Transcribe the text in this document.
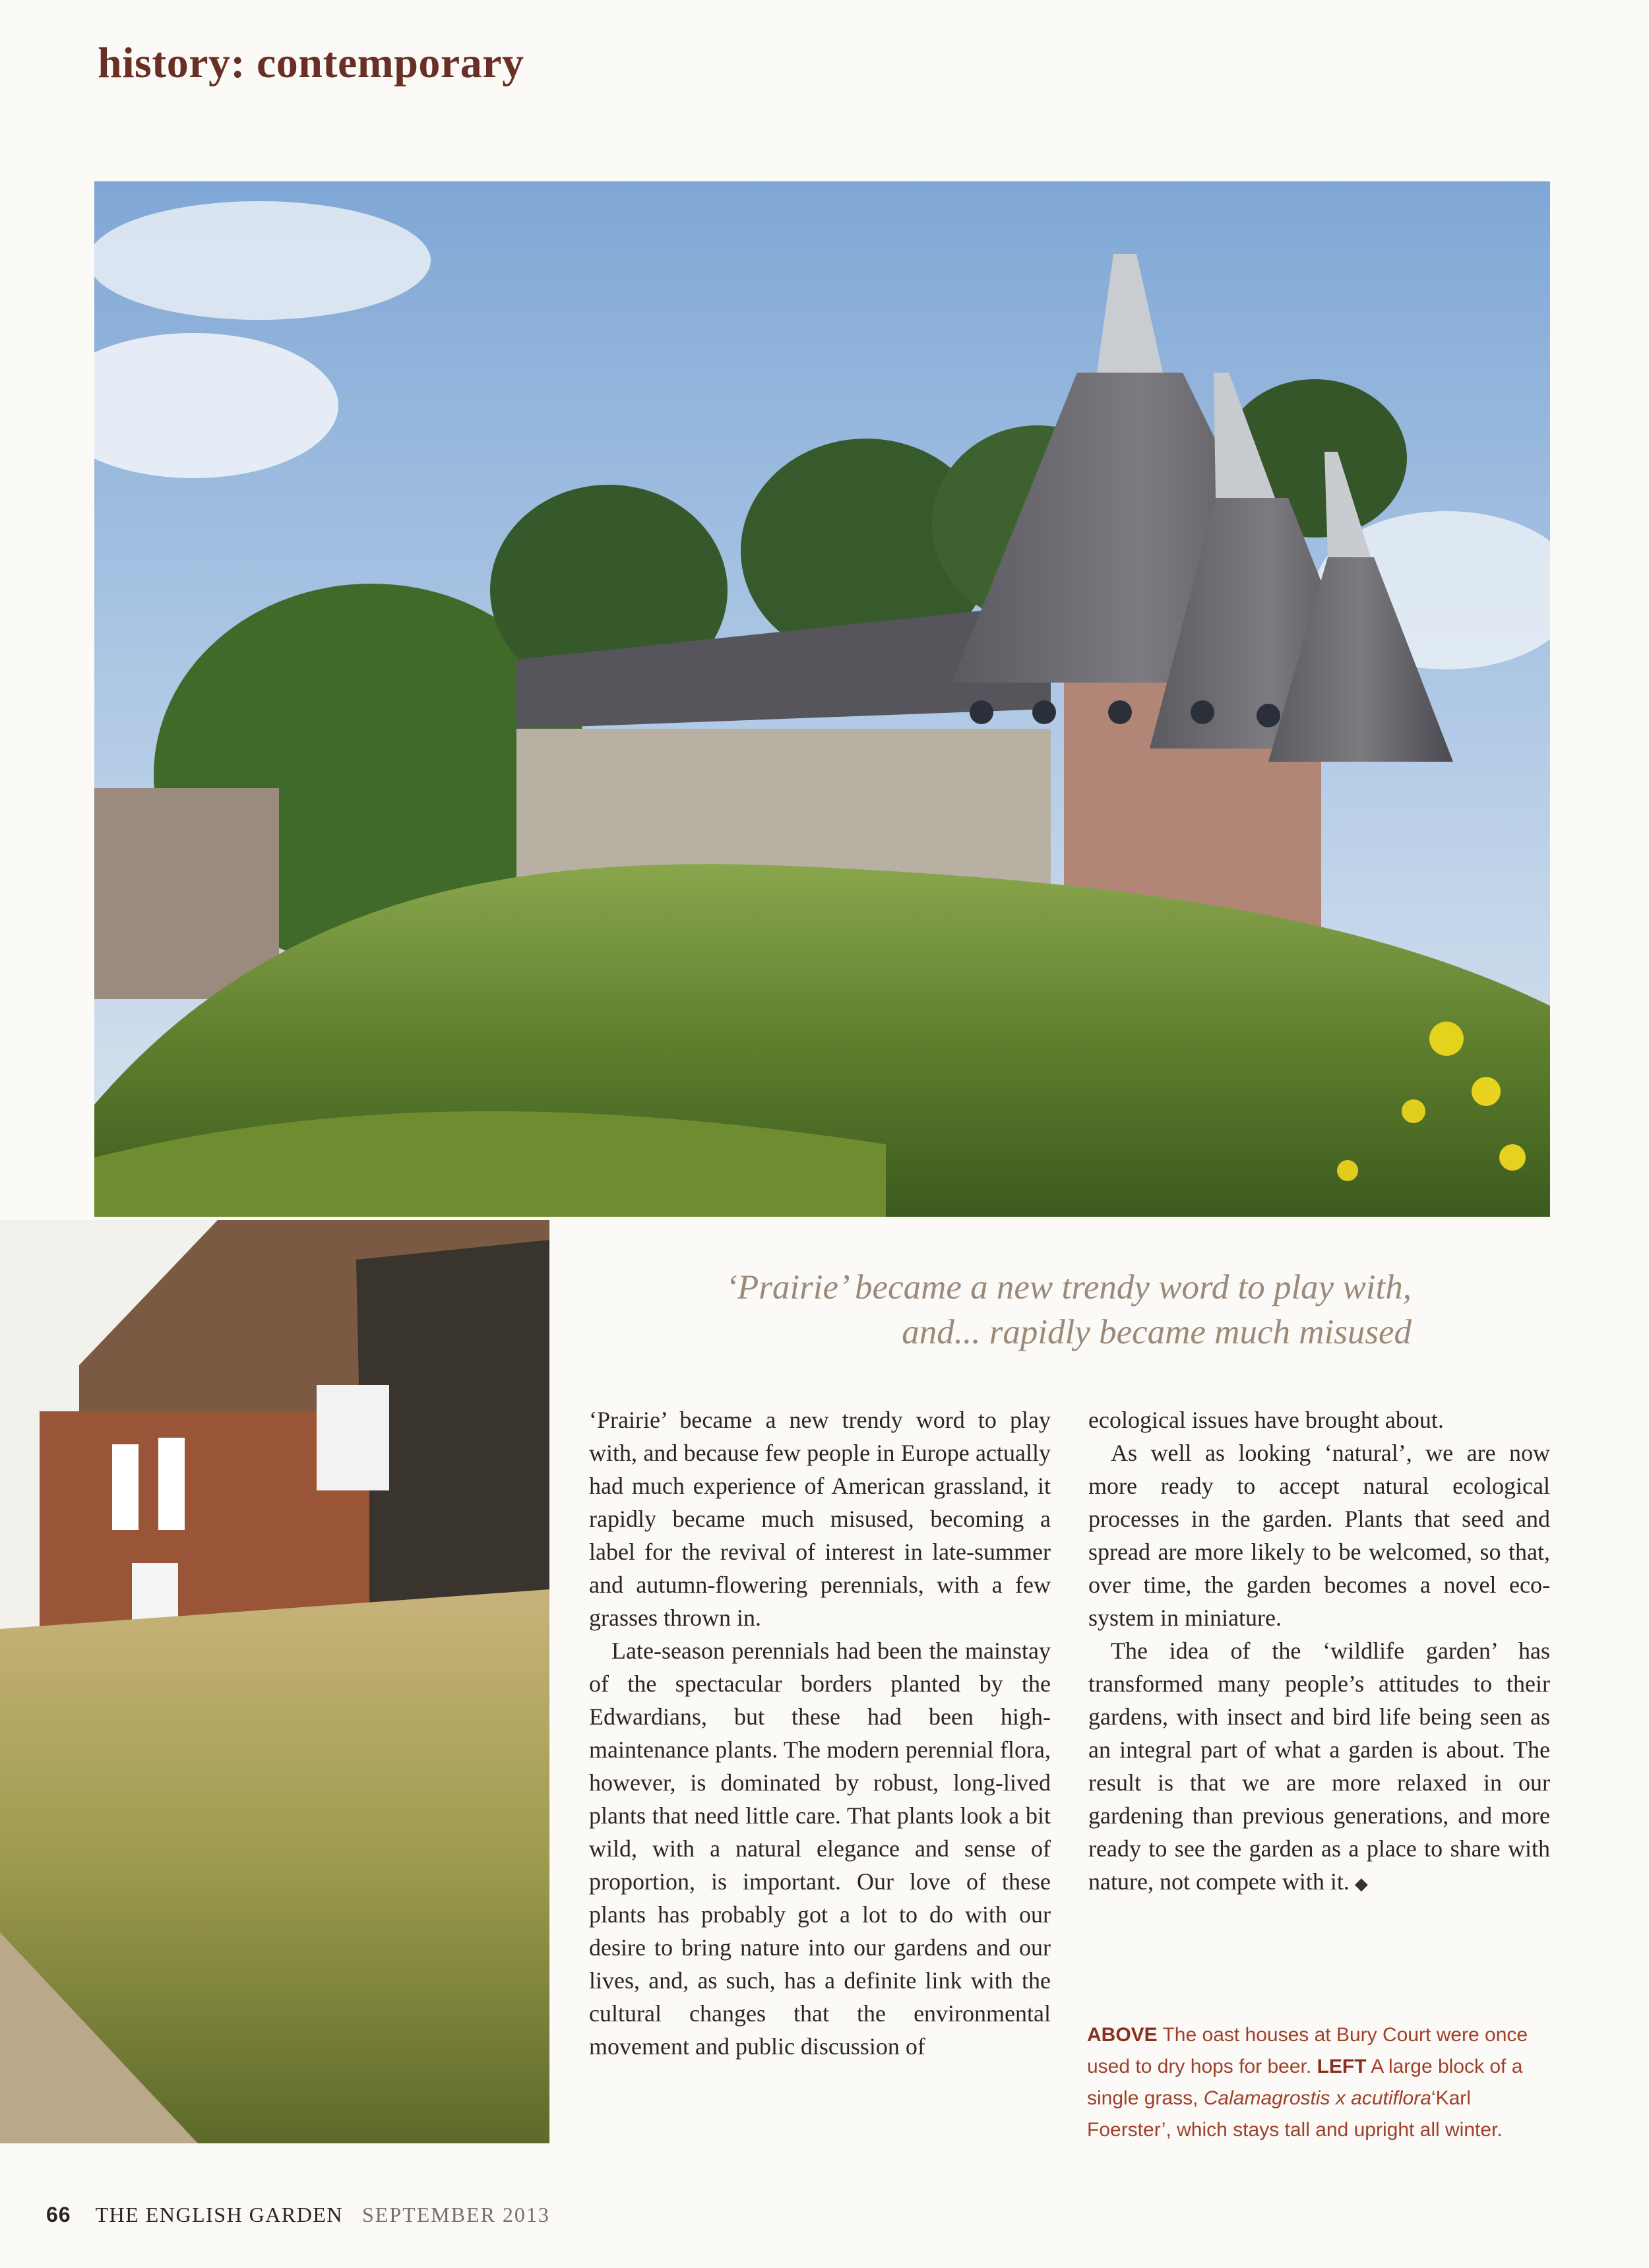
history: contemporary

‘Prairie’ became a new trendy word to play with,
and... rapidly became much misused

‘Prairie’ became a new trendy word to play with, and because few people in Europe actually had much experience of American grassland, it rapidly became much misused, becoming a label for the revival of interest in late-summer and autumn-flowering perennials, with a few grasses thrown in.

Late-season perennials had been the mainstay of the spectacular borders planted by the Edwardians, but these had been high-maintenance plants. The modern perennial flora, however, is dominated by robust, long-lived plants that need little care. That plants look a bit wild, with a natural elegance and sense of proportion, is important. Our love of these plants has probably got a lot to do with our desire to bring nature into our gardens and our lives, and, as such, has a definite link with the cultural changes that the environmental movement and public discussion of

ecological issues have brought about.

As well as looking ‘natural’, we are now more ready to accept natural ecological processes in the garden. Plants that seed and spread are more likely to be welcomed, so that, over time, the garden becomes a novel eco-system in miniature.

The idea of the ‘wildlife garden’ has transformed many people’s attitudes to their gardens, with insect and bird life being seen as an integral part of what a garden is about. The result is that we are more relaxed in our gardening than previous generations, and more ready to see the garden as a place to share with nature, not compete with it. ◆

ABOVE The oast houses at Bury Court were once used to dry hops for beer. LEFT A large block of a single grass, Calamagrostis x acutiflora‘Karl Foerster’, which stays tall and upright all winter.
66 THE ENGLISH GARDEN SEPTEMBER 2013
